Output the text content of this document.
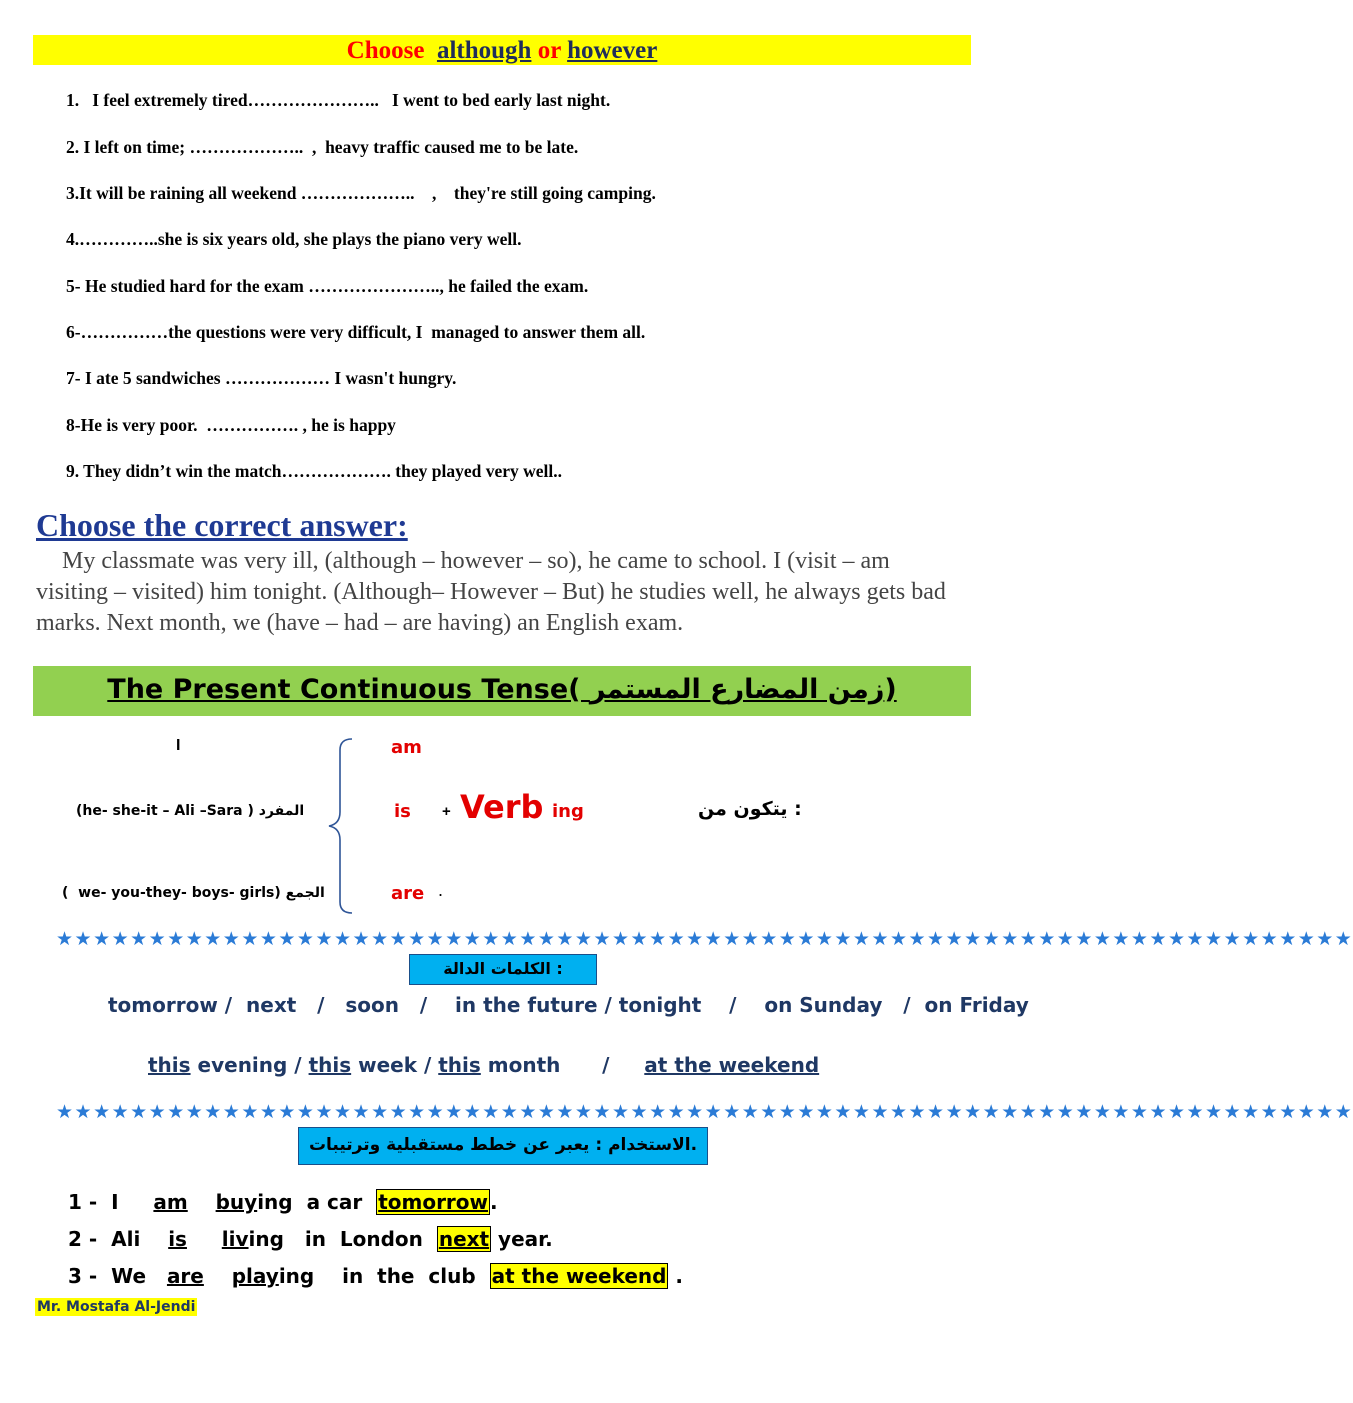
Choose although or however
1.   I feel extremely tired…………………..   I went to bed early last night.
2. I left on time; ………………..  ,  heavy traffic caused me to be late.
3.It will be raining all weekend ………………..    ,    they're still going camping.
4.…………..she is six years old, she plays the piano very well.
5- He studied hard for the exam ………………….., he failed the exam.
6-……………the questions were very difficult, I  managed to answer them all.
7- I ate 5 sandwiches ……………… I wasn't hungry.
8-He is very poor.  ……………. , he is happy
9. They didn’t win the match………………. they played very well..
Choose the correct answer:
My classmate was very ill, (although – however – so), he came to school. I (visit – am visiting – visited) him tonight. (Although– However – But) he studies well, he always gets bad marks. Next month, we (have – had – are having) an English exam.
The Present Continuous Tense( زمن المضارع المستمر)
I
(he- she-it – Ali –Sara ) المفرد
(  we- you-they- boys- girls) الجمع
am
is
are .
+ Verb ing	يتكون من :
★★★★★★★★★★★★★★★★★★★★★★★★★★★★★★★★★★★★★★★★★★★★★★★★★★★★★★★★★★★★★★★★★★★★★★
الكلمات الدالة :
tomorrow /  next   /   soon   /    in the future / tonight    /    on Sunday   /  on Friday
this evening / this week / this month      /     at the weekend
★★★★★★★★★★★★★★★★★★★★★★★★★★★★★★★★★★★★★★★★★★★★★★★★★★★★★★★★★★★★★★★★★★★★★★
الاستخدام : يعبر عن خطط مستقبلية وترتيبات.
1 - I am buying a car tomorrow .
2 - Ali is living in  London next year.
3 - We are playing in  the  club at the weekend .
Mr. Mostafa Al-Jendi
